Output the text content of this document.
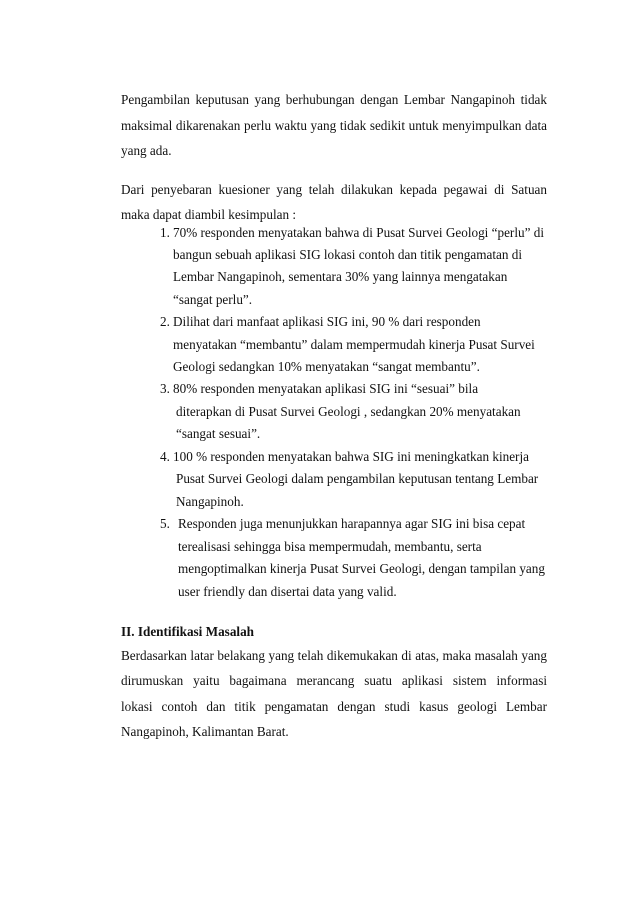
Pengambilan keputusan yang berhubungan dengan Lembar Nangapinoh tidak
maksimal dikarenakan perlu waktu yang tidak sedikit untuk menyimpulkan data
yang ada.
Dari penyebaran kuesioner yang telah dilakukan kepada pegawai di Satuan
maka dapat diambil kesimpulan :
1. 70% responden menyatakan bahwa di Pusat Survei Geologi “perlu” di
bangun sebuah aplikasi SIG lokasi contoh dan titik pengamatan di
Lembar Nangapinoh, sementara 30% yang lainnya mengatakan
“sangat perlu”.
2. Dilihat dari manfaat aplikasi SIG ini, 90 % dari responden
menyatakan “membantu” dalam mempermudah kinerja Pusat Survei
Geologi sedangkan 10% menyatakan “sangat membantu”.
3. 80% responden menyatakan aplikasi SIG ini “sesuai” bila
diterapkan di Pusat Survei Geologi , sedangkan 20% menyatakan
“sangat sesuai”.
4. 100 % responden menyatakan bahwa SIG ini meningkatkan kinerja
Pusat Survei Geologi dalam pengambilan keputusan tentang Lembar
Nangapinoh.
5. Responden juga menunjukkan harapannya agar SIG ini bisa cepat
terealisasi sehingga bisa mempermudah, membantu, serta
mengoptimalkan kinerja Pusat Survei Geologi, dengan tampilan yang
user friendly dan disertai data yang valid.
II. Identifikasi Masalah
Berdasarkan latar belakang yang telah dikemukakan di atas, maka masalah yang
dirumuskan yaitu bagaimana merancang suatu aplikasi sistem informasi
lokasi contoh dan titik pengamatan dengan studi kasus geologi Lembar
Nangapinoh, Kalimantan Barat.
